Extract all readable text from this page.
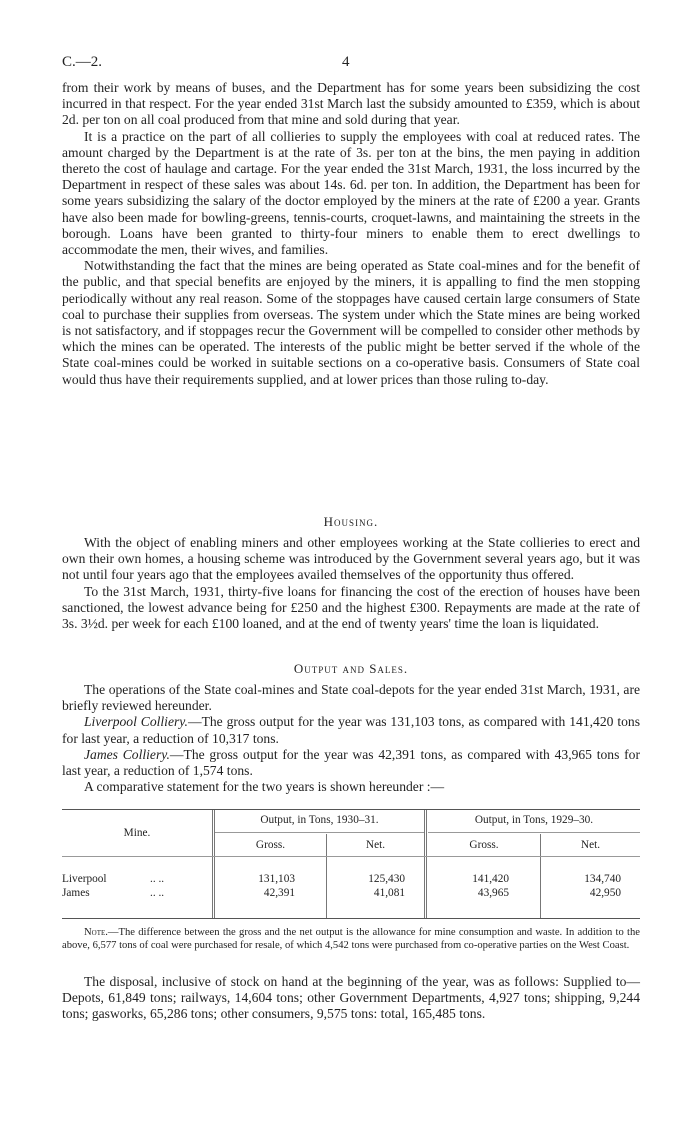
C.—2.	4

from their work by means of buses, and the Department has for some years been subsidizing the cost incurred in that respect. For the year ended 31st March last the subsidy amounted to £359, which is about 2d. per ton on all coal produced from that mine and sold during that year.

It is a practice on the part of all collieries to supply the employees with coal at reduced rates. The amount charged by the Department is at the rate of 3s. per ton at the bins, the men paying in addition thereto the cost of haulage and cartage. For the year ended the 31st March, 1931, the loss incurred by the Department in respect of these sales was about 14s. 6d. per ton. In addition, the Department has been for some years subsidizing the salary of the doctor employed by the miners at the rate of £200 a year. Grants have also been made for bowling-greens, tennis-courts, croquet-lawns, and maintaining the streets in the borough. Loans have been granted to thirty-four miners to enable them to erect dwellings to accommodate the men, their wives, and families.

Notwithstanding the fact that the mines are being operated as State coal-mines and for the benefit of the public, and that special benefits are enjoyed by the miners, it is appalling to find the men stopping periodically without any real reason. Some of the stoppages have caused certain large consumers of State coal to purchase their supplies from overseas. The system under which the State mines are being worked is not satisfactory, and if stoppages recur the Government will be compelled to consider other methods by which the mines can be operated. The interests of the public might be better served if the whole of the State coal-mines could be worked in suitable sections on a co-operative basis. Consumers of State coal would thus have their requirements supplied, and at lower prices than those ruling to-day.

Housing.

With the object of enabling miners and other employees working at the State collieries to erect and own their own homes, a housing scheme was introduced by the Government several years ago, but it was not until four years ago that the employees availed themselves of the opportunity thus offered.

To the 31st March, 1931, thirty-five loans for financing the cost of the erection of houses have been sanctioned, the lowest advance being for £250 and the highest £300. Repayments are made at the rate of 3s. 3½d. per week for each £100 loaned, and at the end of twenty years' time the loan is liquidated.

Output and Sales.

The operations of the State coal-mines and State coal-depots for the year ended 31st March, 1931, are briefly reviewed hereunder.

Liverpool Colliery.—The gross output for the year was 131,103 tons, as compared with 141,420 tons for last year, a reduction of 10,317 tons.

James Colliery.—The gross output for the year was 42,391 tons, as compared with 43,965 tons for last year, a reduction of 1,574 tons.

A comparative statement for the two years is shown hereunder :—

Mine.
Output, in Tons, 1930–31.	Output, in Tons, 1929–30.
Gross.	Net.	Gross.	Net.
Liverpool	.. ..	131,103	125,430	141,420	134,740
James	.. ..	42,391	41,081	43,965	42,950

Note.—The difference between the gross and the net output is the allowance for mine consumption and waste. In addition to the above, 6,577 tons of coal were purchased for resale, of which 4,542 tons were purchased from co-operative parties on the West Coast.

The disposal, inclusive of stock on hand at the beginning of the year, was as follows: Supplied to—Depots, 61,849 tons; railways, 14,604 tons; other Government Departments, 4,927 tons; shipping, 9,244 tons; gasworks, 65,286 tons; other consumers, 9,575 tons: total, 165,485 tons.
